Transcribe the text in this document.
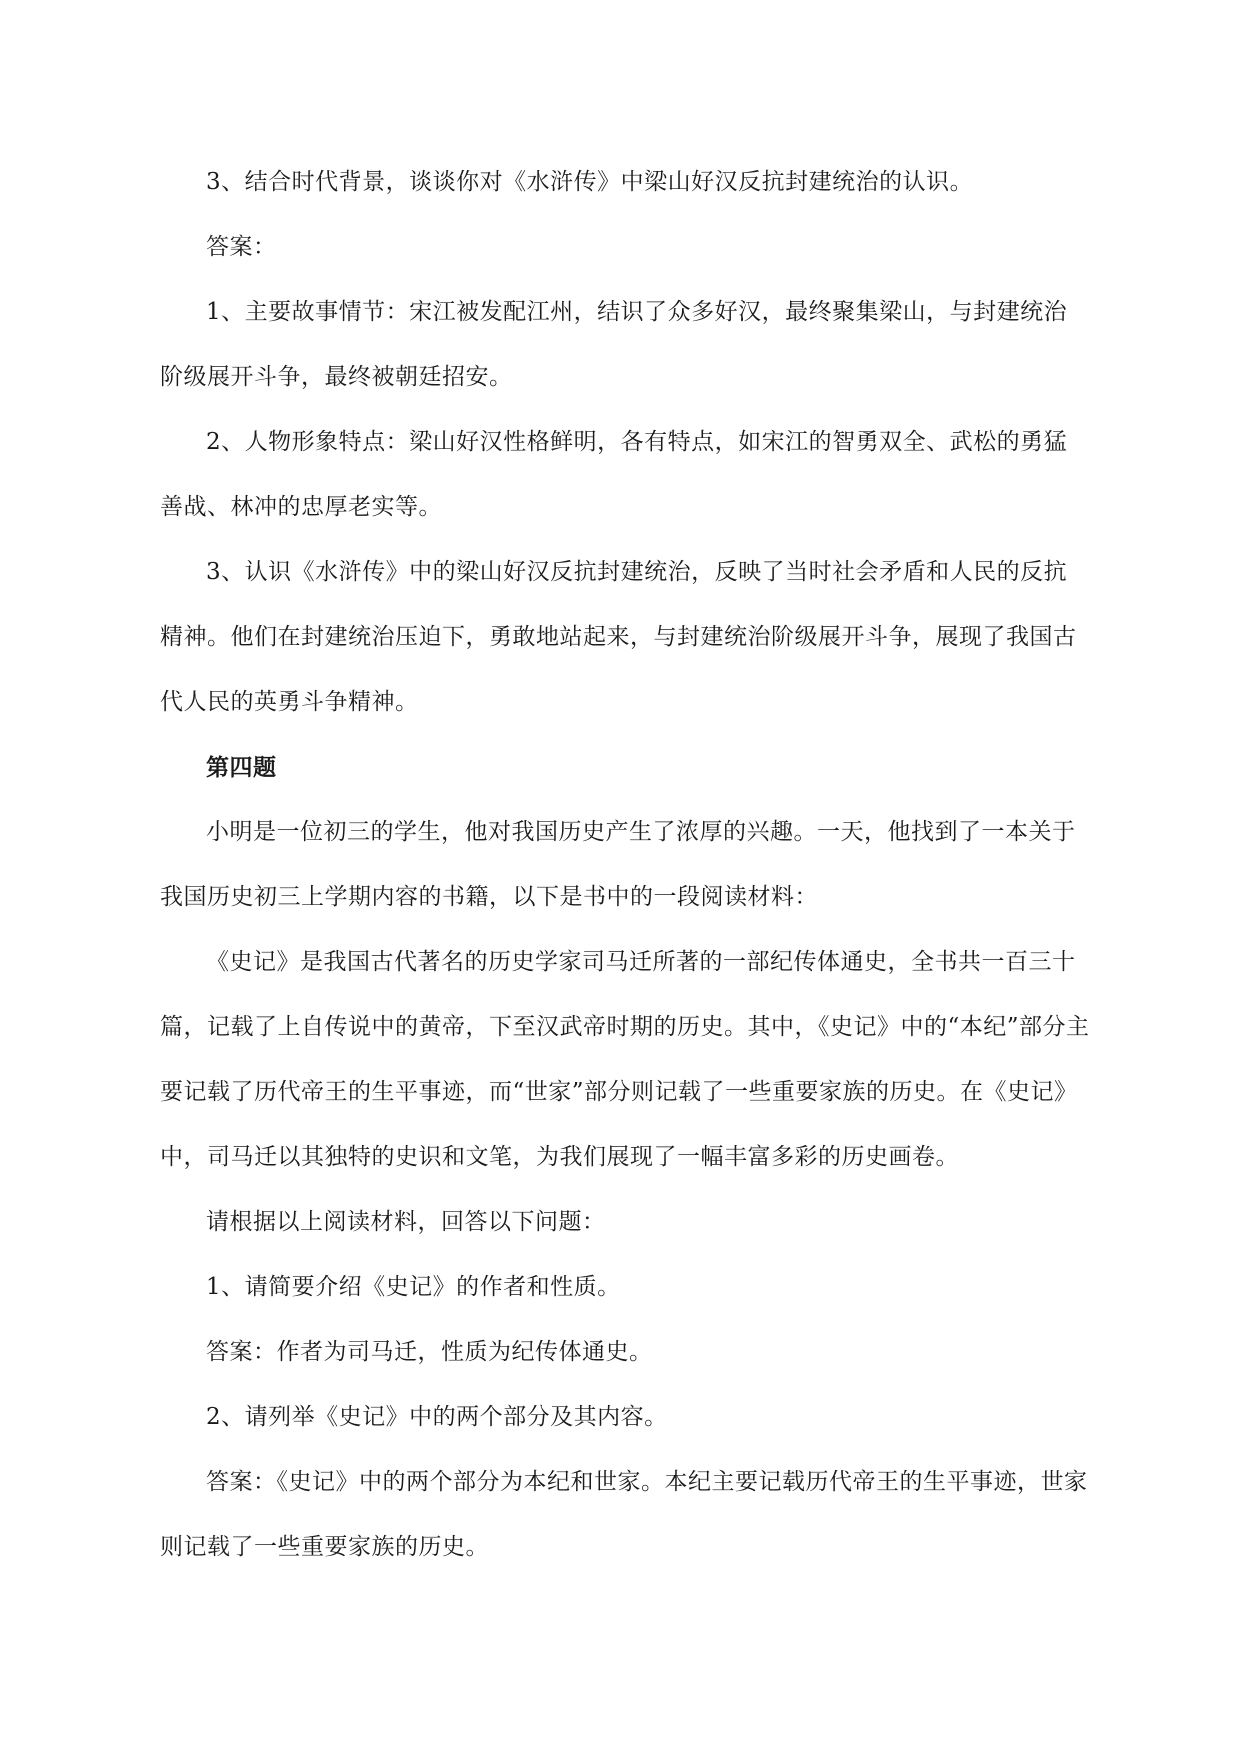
3、结合时代背景，谈谈你对《水浒传》中梁山好汉反抗封建统治的认识。

答案：

1、主要故事情节：宋江被发配江州，结识了众多好汉，最终聚集梁山，与封建统治阶级展开斗争，最终被朝廷招安。

2、人物形象特点：梁山好汉性格鲜明，各有特点，如宋江的智勇双全、武松的勇猛善战、林冲的忠厚老实等。

3、认识《水浒传》中的梁山好汉反抗封建统治，反映了当时社会矛盾和人民的反抗精神。他们在封建统治压迫下，勇敢地站起来，与封建统治阶级展开斗争，展现了我国古代人民的英勇斗争精神。

第四题

小明是一位初三的学生，他对我国历史产生了浓厚的兴趣。一天，他找到了一本关于我国历史初三上学期内容的书籍，以下是书中的一段阅读材料：

《史记》是我国古代著名的历史学家司马迁所著的一部纪传体通史，全书共一百三十篇，记载了上自传说中的黄帝，下至汉武帝时期的历史。其中，《史记》中的“本纪”部分主要记载了历代帝王的生平事迹，而“世家”部分则记载了一些重要家族的历史。在《史记》中，司马迁以其独特的史识和文笔，为我们展现了一幅丰富多彩的历史画卷。

请根据以上阅读材料，回答以下问题：

1、请简要介绍《史记》的作者和性质。

答案：作者为司马迁，性质为纪传体通史。

2、请列举《史记》中的两个部分及其内容。

答案：《史记》中的两个部分为本纪和世家。本纪主要记载历代帝王的生平事迹，世家则记载了一些重要家族的历史。
